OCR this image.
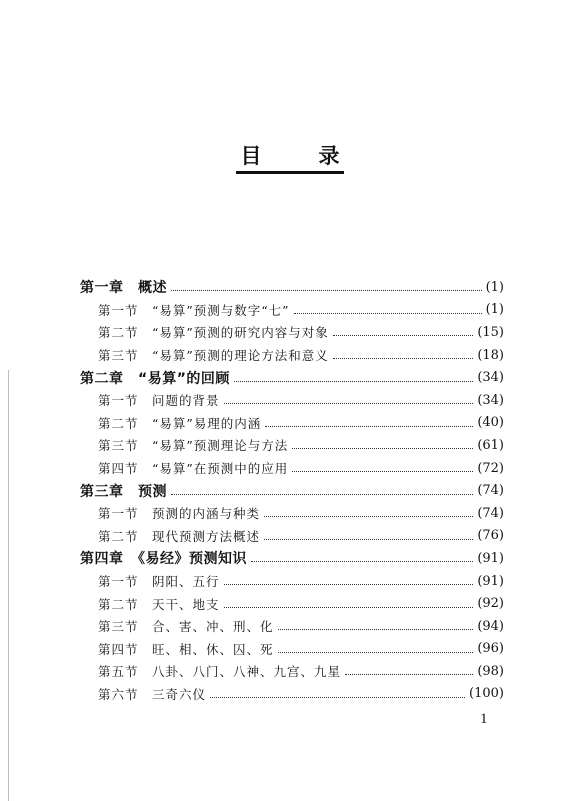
目　录
第一章　概述	(1)
第一节　“易算”预测与数字“七”	(1)
第二节　“易算”预测的研究内容与对象	(15)
第三节　“易算”预测的理论方法和意义	(18)
第二章　“易算”的回顾	(34)
第一节　问题的背景	(34)
第二节　“易算”易理的内涵	(40)
第三节　“易算”预测理论与方法	(61)
第四节　“易算”在预测中的应用	(72)
第三章　预测	(74)
第一节　预测的内涵与种类	(74)
第二节　现代预测方法概述	(76)
第四章　《易经》预测知识	(91)
第一节　阴阳、五行	(91)
第二节　天干、地支	(92)
第三节　合、害、冲、刑、化	(94)
第四节　旺、相、休、囚、死	(96)
第五节　八卦、八门、八神、九宫、九星	(98)
第六节　三奇六仪	(100)
1
